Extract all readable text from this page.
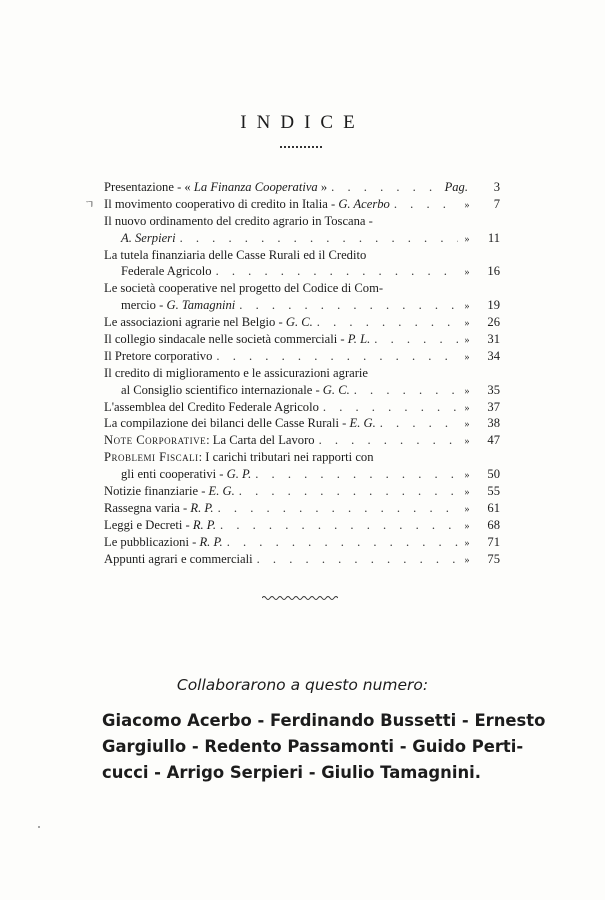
INDICE
Presentazione - « La Finanza Cooperativa » . . .	Pag.	3
ㄱ Il movimento cooperativo di credito in Italia - G. Acerbo . . .	»	7
Il nuovo ordinamento del credito agrario in Toscana -
A. Serpieri . . .	»	11
La tutela finanziaria delle Casse Rurali ed il Credito
Federale Agricolo . . .	»	16
Le società cooperative nel progetto del Codice di Com-
mercio - G. Tamagnini . . .	»	19
Le associazioni agrarie nel Belgio - G. C. . . .	»	26
Il collegio sindacale nelle società commerciali - P. L. . . .	»	31
Il Pretore corporativo . . .	»	34
Il credito di miglioramento e le assicurazioni agrarie
al Consiglio scientifico internazionale - G. C. . . .	»	35
L'assemblea del Credito Federale Agricolo . . .	»	37
La compilazione dei bilanci delle Casse Rurali - E. G. . . .	»	38
Note Corporative: La Carta del Lavoro . . .	»	47
Problemi Fiscali: I carichi tributari nei rapporti con
gli enti cooperativi - G. P. . . .	»	50
Notizie finanziarie - E. G. . . .	»	55
Rassegna varia - R. P. . . .	»	61
Leggi e Decreti - R. P. . . .	»	68
Le pubblicazioni - R. P. . . .	»	71
Appunti agrari e commerciali . . .	»	75
Collaborarono a questo numero:
Giacomo Acerbo - Ferdinando Bussetti - Ernesto
Gargiullo - Redento Passamonti - Guido Perti-
cucci - Arrigo Serpieri - Giulio Tamagnini.
